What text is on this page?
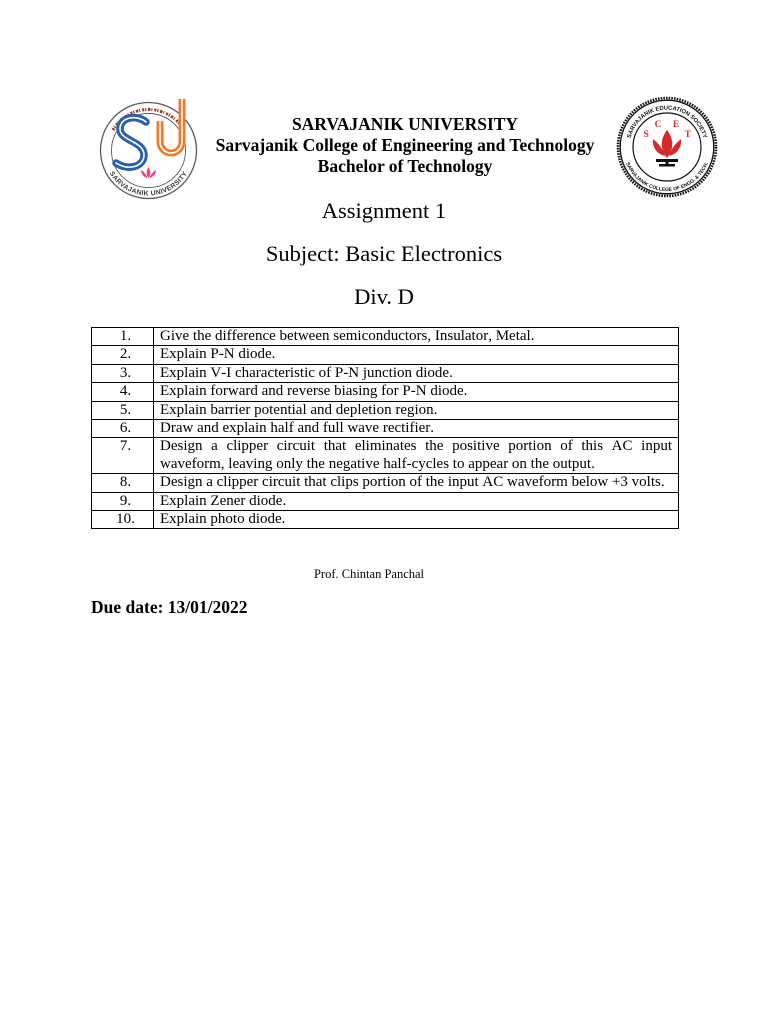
SARVAJANIK UNIVERSITY
SARVAJANIK UNIVERSITY
Sarvajanik College of Engineering and Technology
Bachelor of Technology
SARVAJANIK EDUCATION SOCIETY
SARVAJANIK COLLEGE OF ENGG. & TECH.
S
C E
T
Assignment 1
Subject: Basic Electronics
Div. D
1.	Give the difference between semiconductors, Insulator, Metal.
2.	Explain P-N diode.
3.	Explain V-I characteristic of P-N junction diode.
4.	Explain forward and reverse biasing for P-N diode.
5.	Explain barrier potential and depletion region.
6.	Draw and explain half and full wave rectifier.
7.	Design a clipper circuit that eliminates the positive portion of this AC input waveform, leaving only the negative half-cycles to appear on the output.
8.	Design a clipper circuit that clips portion of the input AC waveform below +3 volts.
9.	Explain Zener diode.
10.	Explain photo diode.
Prof. Chintan Panchal
Due date: 13/01/2022
